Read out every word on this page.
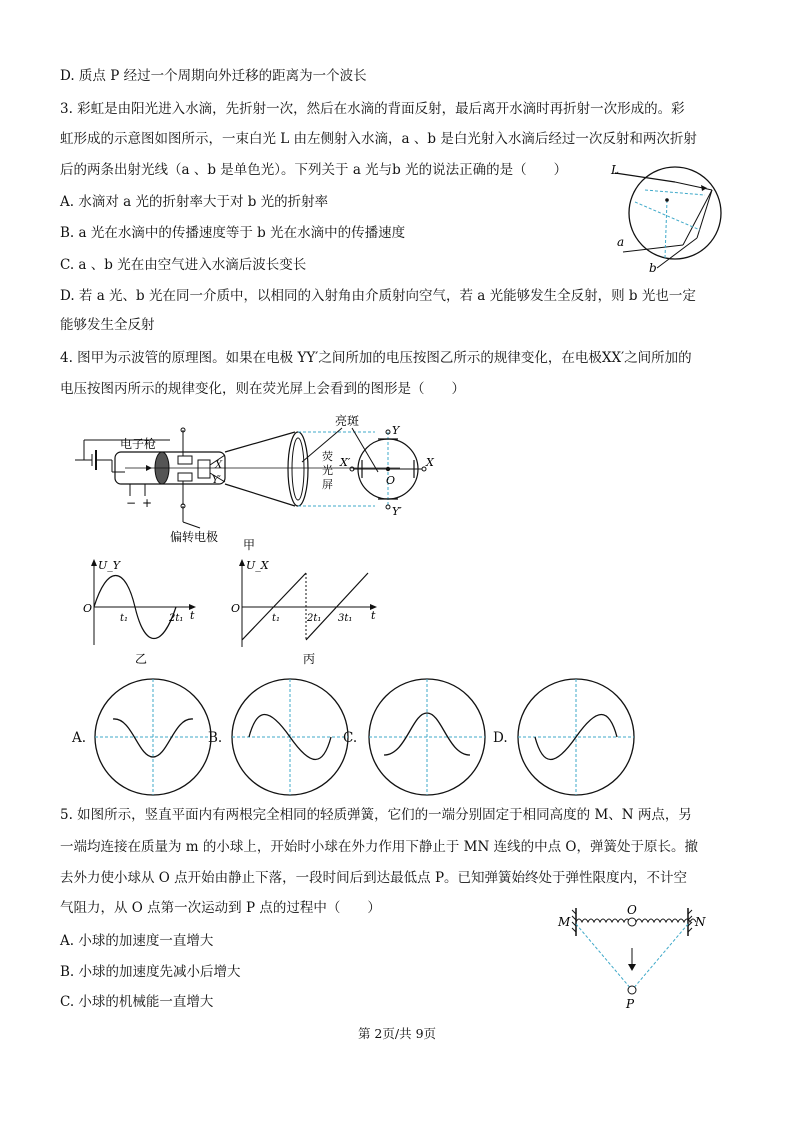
D. 质点 P 经过一个周期向外迁移的距离为一个波长
3. 彩虹是由阳光进入水滴，先折射一次，然后在水滴的背面反射，最后离开水滴时再折射一次形成的。彩
虹形成的示意图如图所示，一束白光 L 由左侧射入水滴，a 、b 是白光射入水滴后经过一次反射和两次折射
后的两条出射光线（a 、b 是单色光）。下列关于 a 光与b 光的说法正确的是（　　）
A. 水滴对 a 光的折射率大于对 b 光的折射率
B. a 光在水滴中的传播速度等于 b 光在水滴中的传播速度
C. a 、b 光在由空气进入水滴后波长变长
D. 若 a 光、b 光在同一介质中，以相同的入射角由介质射向空气，若 a 光能够发生全反射，则 b 光也一定
能够发生全反射
L
a
b
4. 图甲为示波管的原理图。如果在电极 YY′之间所加的电压按图乙所示的规律变化，在电极XX′之间所加的
电压按图丙所示的规律变化，则在荧光屏上会看到的图形是（　　）
电子枪
− +
X
Y′
偏转电极
亮斑
荧
光
屏
Y
Y′
X′	X
O
甲
U_Y
O
t₁	2t₁ t
乙
U_X
O
t₁	2t₁ 3t₁ t
丙
A.	B.	C.	D.
5. 如图所示，竖直平面内有两根完全相同的轻质弹簧，它们的一端分别固定于相同高度的 M、N 两点，另
一端均连接在质量为 m 的小球上，开始时小球在外力作用下静止于 MN 连线的中点 O，弹簧处于原长。撤
去外力使小球从 O 点开始由静止下落，一段时间后到达最低点 P。已知弹簧始终处于弹性限度内，不计空
气阻力，从 O 点第一次运动到 P 点的过程中（　　）
A. 小球的加速度一直增大
B. 小球的加速度先减小后增大
C. 小球的机械能一直增大
M	N
O
P
第 2页/共 9页
